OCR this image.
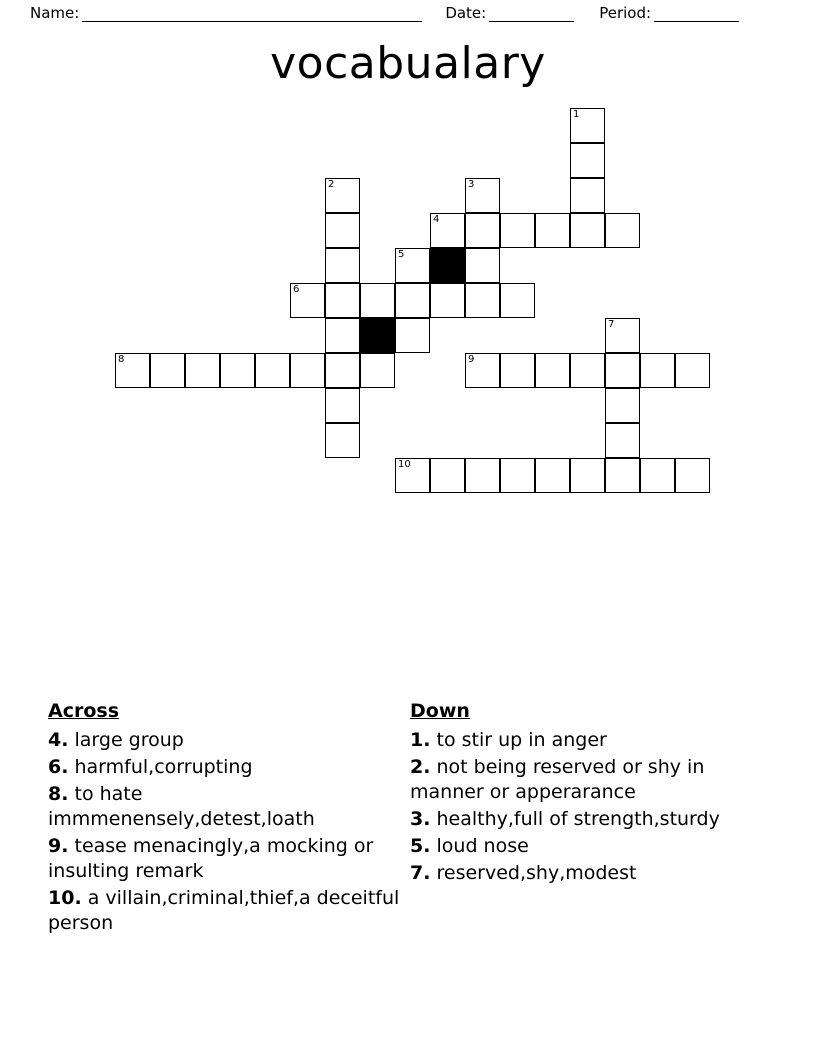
Name:	Date:	Period:
vocabualary
1
2	3
4
5
6
7
8	9
10
Across
4. large group
6. harmful,corrupting
8. to hate immmenensely,detest,loath
9. tease menacingly,a mocking or insulting remark
10. a villain,criminal,thief,a deceitful person
Down
1. to stir up in anger
2. not being reserved or shy in manner or apperarance
3. healthy,full of strength,sturdy
5. loud nose
7. reserved,shy,modest
